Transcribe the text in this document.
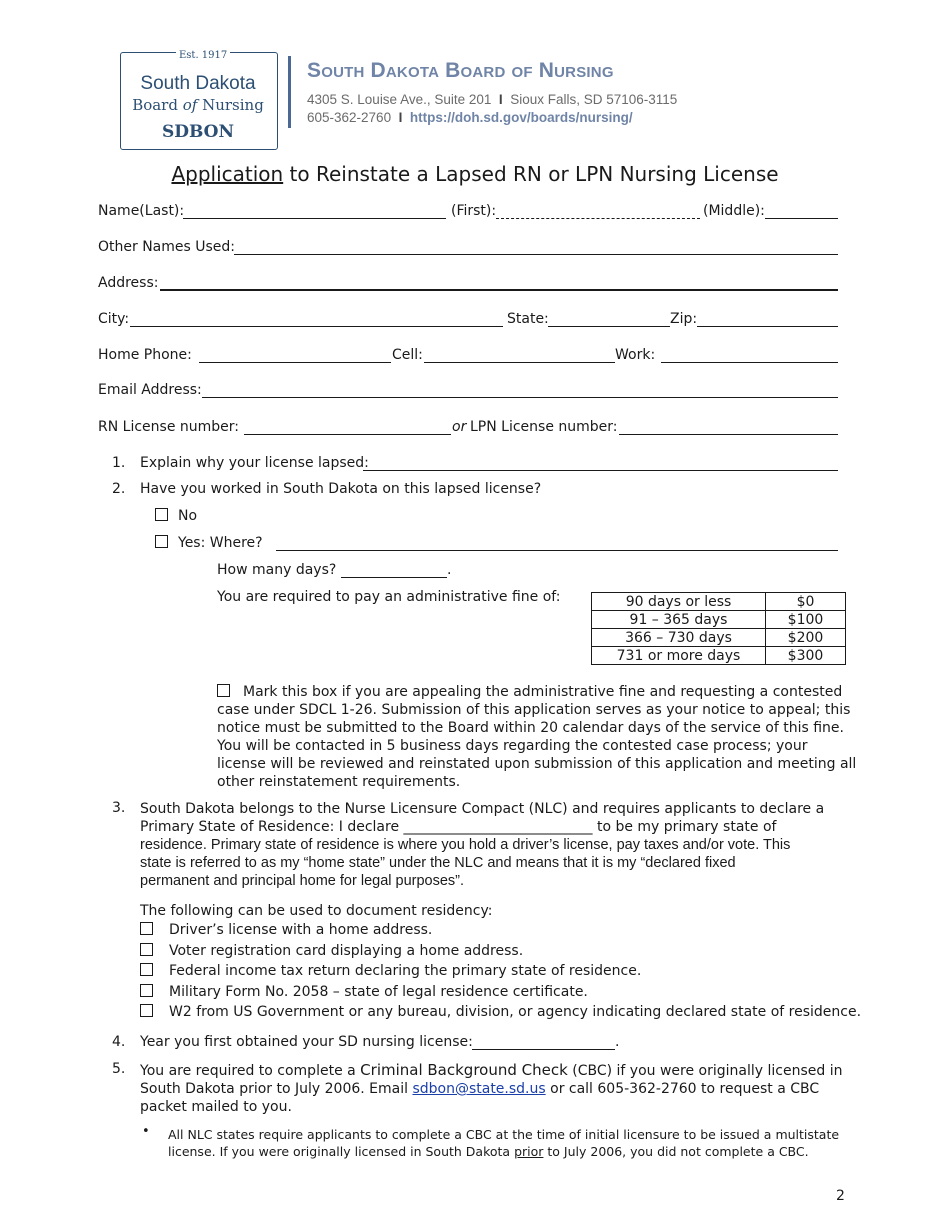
Est. 1917
South Dakota
Board of Nursing
SDBON
South Dakota Board of Nursing
4305 S. Louise Ave., Suite 201  I  Sioux Falls, SD 57106-3115
605-362-2760 I https://doh.sd.gov/boards/nursing/
Application to Reinstate a Lapsed RN or LPN Nursing License
Name(Last):	(First):	(Middle):
Other Names Used:
Address:
City:	State:	Zip:
Home Phone:	Cell:	Work:
Email Address:
RN License number:	or LPN License number:
1. Explain why your license lapsed:
2. Have you worked in South Dakota on this lapsed license?
No
Yes: Where?
How many days?	.
You are required to pay an administrative fine of:	90 days or less	$0
91 – 365 days	$100
366 – 730 days	$200
731 or more days	$300
Mark this box if you are appealing the administrative fine and requesting a contested
case under SDCL 1-26. Submission of this application serves as your notice to appeal; this
notice must be submitted to the Board within 20 calendar days of the service of this fine.
You will be contacted in 5 business days regarding the contested case process; your
license will be reviewed and reinstated upon submission of this application and meeting all
other reinstatement requirements.
3. South Dakota belongs to the Nurse Licensure Compact (NLC) and requires applicants to declare a
Primary State of Residence: I declare ___________________________ to be my primary state of
residence. Primary state of residence is where you hold a driver’s license, pay taxes and/or vote. This
state is referred to as my “home state” under the NLC and means that it is my “declared fixed
permanent and principal home for legal purposes”.
The following can be used to document residency:
Driver’s license with a home address.
Voter registration card displaying a home address.
Federal income tax return declaring the primary state of residence.
Military Form No. 2058 – state of legal residence certificate.
W2 from US Government or any bureau, division, or agency indicating declared state of residence.
4. Year you first obtained your SD nursing license:	.
5. You are required to complete a Criminal Background Check (CBC) if you were originally licensed in
South Dakota prior to July 2006. Email sdbon@state.sd.us or call 605-362-2760 to request a CBC
packet mailed to you.
• All NLC states require applicants to complete a CBC at the time of initial licensure to be issued a multistate
license. If you were originally licensed in South Dakota prior to July 2006, you did not complete a CBC.
2
